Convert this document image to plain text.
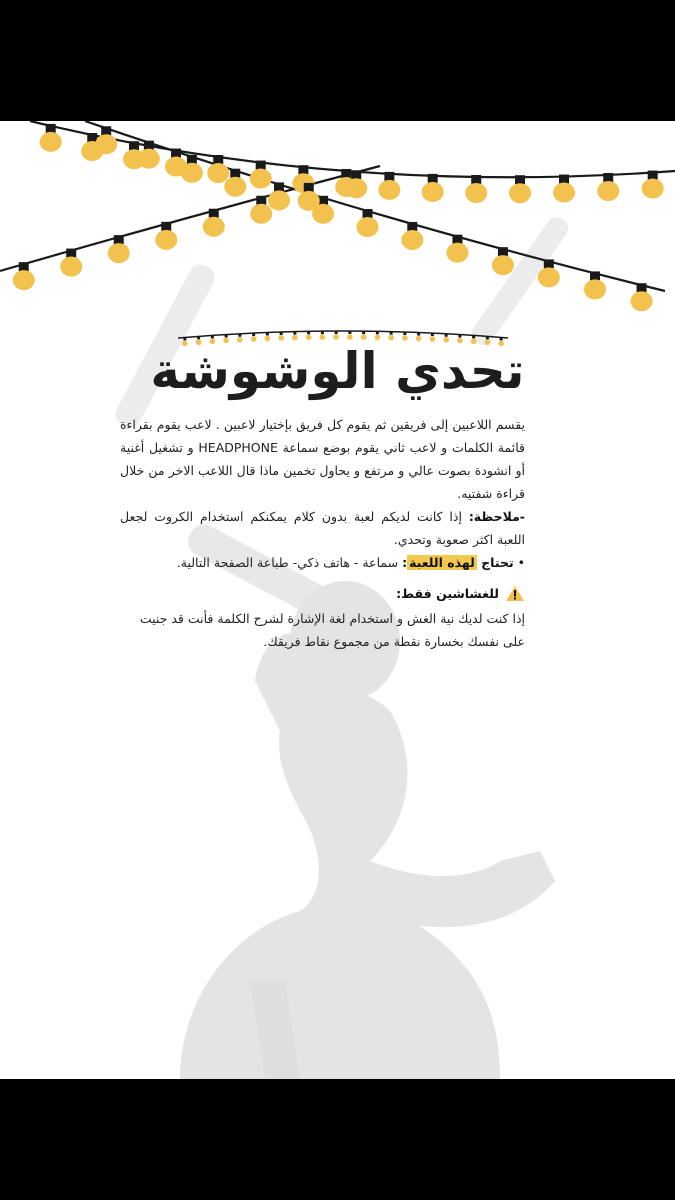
تحدي الوشوشة

يقسم اللاعبين إلى فريقين ثم يقوم كل فريق بإختيار لاعبين . لاعب يقوم بقراءة قائمة الكلمات و لاعب ثاني يقوم بوضع سماعة HEADPHONE و تشغيل أغنية أو انشودة بصوت عالي و مرتفع و يحاول تخمين ماذا قال اللاعب الاخر من خلال قراءة شفتيه.

-ملاحظة: إذا كانت لديكم لعبة بدون كلام يمكنكم استخدام الكروت لجعل اللعبة اكثر صعوبة وتحدي.

• تحتاج لهذه اللعبة: سماعة - هاتف ذكي- طباعة الصفحة التالية.

للغشاشين فقط:

إذا كنت لديك نية الغش و استخدام لغة الإشارة لشرح الكلمة فأنت قد جنيت على نفسك بخسارة نقطة من مجموع نقاط فريقك.
